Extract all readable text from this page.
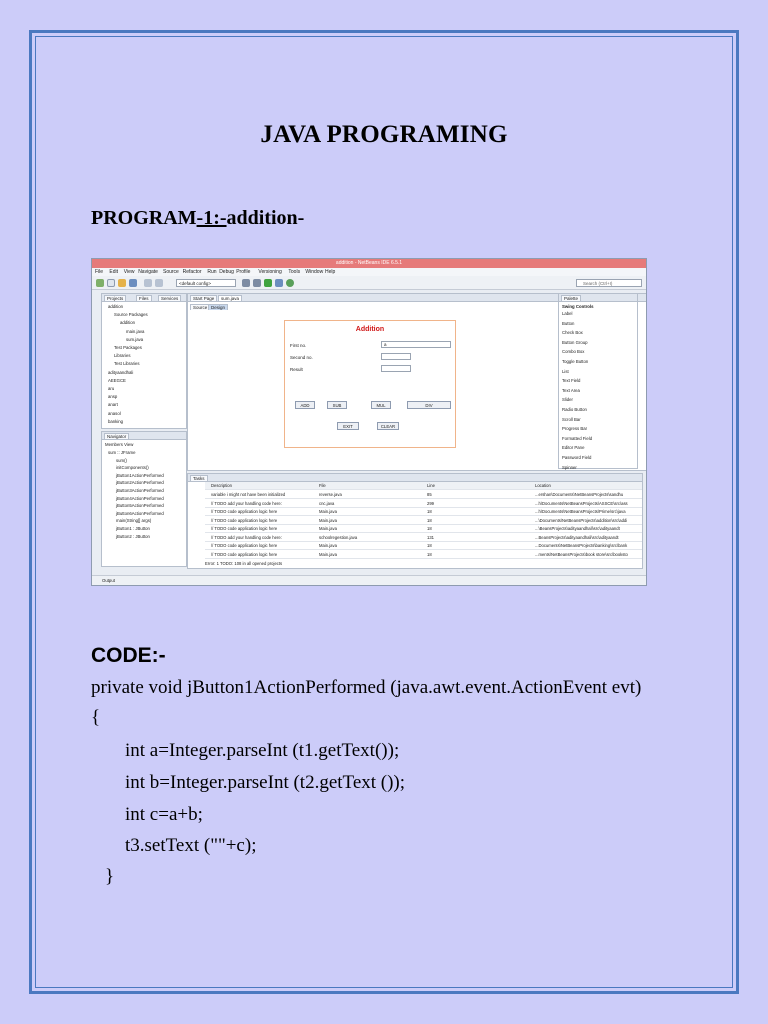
JAVA PROGRAMING
PROGRAM-1:-addition-
addition - NetBeans IDE 6.5.1
File Edit View Navigate Source Refactor Run Debug Profile Versioning Tools Window Help
<default config>	Search (Ctrl+I)
Projects	Files	Services
addition
Source Packages
addition
main.java
sum.java
Test Packages
Libraries
Test Libraries
adityaandhali
AEEGCE
aru
ansp
anart
anasol
banking
Navigator
Members View
sum :: JFrame
sum()
initComponents()
jButton1ActionPerformed
jButton2ActionPerformed
jButton3ActionPerformed
jButton4ActionPerformed
jButton5ActionPerformed
jButton6ActionPerformed
main(String[] args)
jButton1 : JButton
jButton2 : JButton
Start Page	sum.java
Source Design
Addition
First no.
Second no.
Result
a
ADD	SUB	MUL	DIV
EXIT	CLEAR
Palette
Swing Controls
Label
Button
Check Box
Button Group
Combo Box
Toggle Button
List
Text Field
Text Area
Slider
Radio Button
Scroll Bar
Progress Bar
Formatted Field
Editor Pane
Password Field
Spinner
Tasks
Description	File	Line	Location
variable i might not have been initialized	reverse.java	85	...ershan\Documents\NetBeansProjects\sandhu
// TODO add your handling code here:	cnc.java	299	...h\Documents\NetBeansProjects\ASSCE\src\ass
// TODO code application logic here	Main.java	18	...h\Documents\NetBeansProjects\Prime\src\java
// TODO code application logic here	Main.java	18	...\Documents\NetBeansProjects\addition\src\addi
// TODO code application logic here	Main.java	18	...\BeansProjects\adityaandhali\src\adityaandt
// TODO add your handling code here:	schoolregestion.java	131	...BeansProjects\adityaandhali\src\adityaandt
// TODO code application logic here	Main.java	18	...Documents\NetBeansProjects\banking\src\bank
// TODO code application logic here	Main.java	18	...ments\NetBeansProjects\book store\src\booksto
Error: 1 TODO: 108 in all opened projects
Output
CODE:-
private void jButton1ActionPerformed (java.awt.event.ActionEvent evt)
{
int a=Integer.parseInt (t1.getText());
int b=Integer.parseInt (t2.getText ());
int c=a+b;
t3.setText (""+c);
}
